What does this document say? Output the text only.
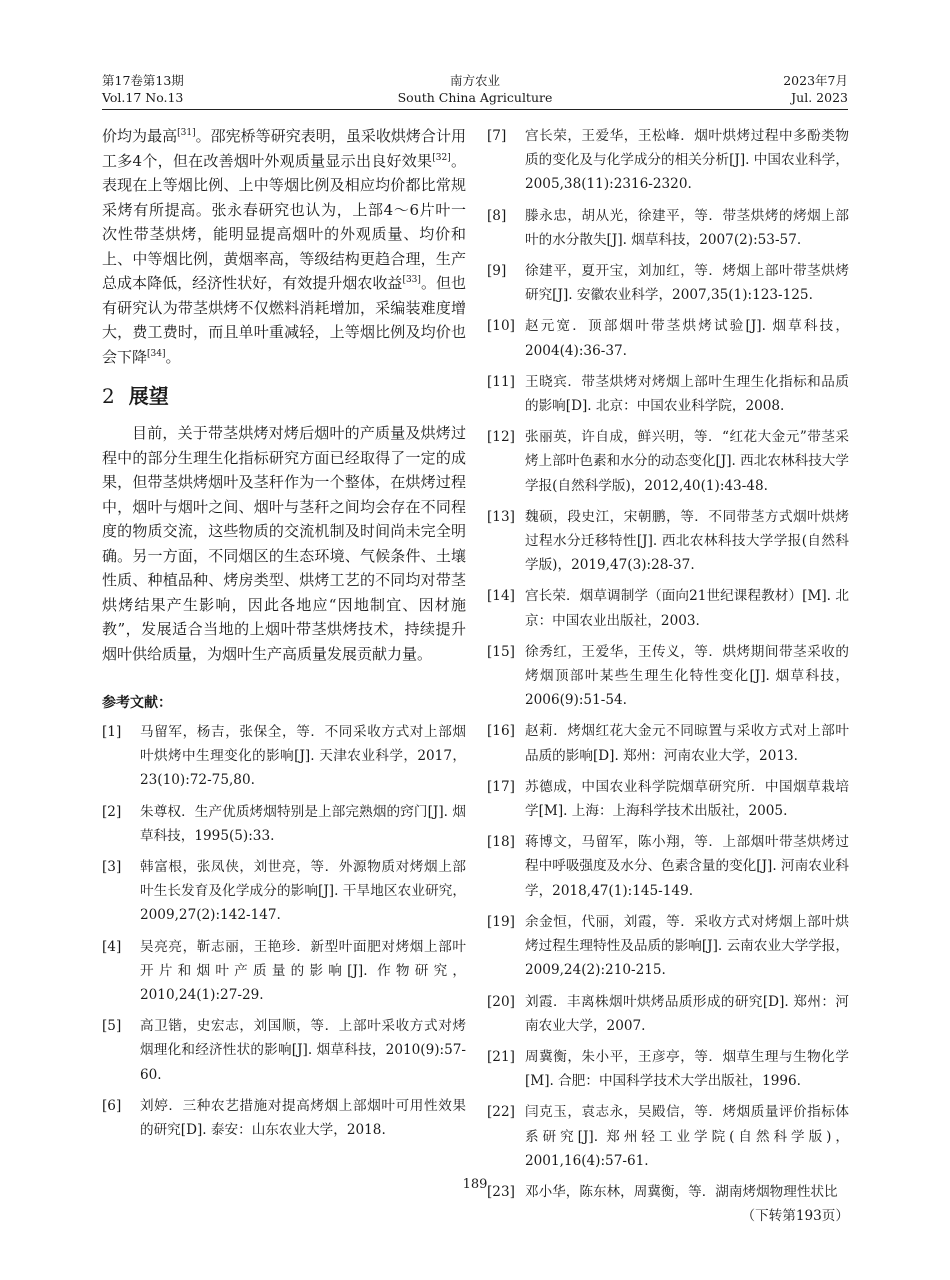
第17卷第13期
Vol.17 No.13
南方农业
South China Agriculture
2023年7月
Jul. 2023

价均为最高[31]。邵宪桥等研究表明，虽采收烘烤合计用工多4个，但在改善烟叶外观质量显示出良好效果[32]。表现在上等烟比例、上中等烟比例及相应均价都比常规采烤有所提高。张永春研究也认为，上部4～6片叶一次性带茎烘烤，能明显提高烟叶的外观质量、均价和上、中等烟比例，黄烟率高，等级结构更趋合理，生产总成本降低，经济性状好，有效提升烟农收益[33]。但也有研究认为带茎烘烤不仅燃料消耗增加，采编装难度增大，费工费时，而且单叶重减轻，上等烟比例及均价也会下降[34]。

2 展望

目前，关于带茎烘烤对烤后烟叶的产质量及烘烤过程中的部分生理生化指标研究方面已经取得了一定的成果，但带茎烘烤烟叶及茎秆作为一个整体，在烘烤过程中，烟叶与烟叶之间、烟叶与茎秆之间均会存在不同程度的物质交流，这些物质的交流机制及时间尚未完全明确。另一方面，不同烟区的生态环境、气候条件、土壤性质、种植品种、烤房类型、烘烤工艺的不同均对带茎烘烤结果产生影响，因此各地应“因地制宜、因材施教”，发展适合当地的上烟叶带茎烘烤技术，持续提升烟叶供给质量，为烟叶生产高质量发展贡献力量。

参考文献：
[1]	马留军，杨吉，张保全，等．不同采收方式对上部烟叶烘烤中生理变化的影响[J]. 天津农业科学，2017，23(10):72-75,80.
[2]	朱尊权．生产优质烤烟特别是上部完熟烟的窍门[J]. 烟草科技，1995(5):33.
[3]	韩富根，张凤侠，刘世亮，等．外源物质对烤烟上部叶生长发育及化学成分的影响[J]. 干旱地区农业研究，2009,27(2):142-147.
[4]	吴亮亮，靳志丽，王艳珍．新型叶面肥对烤烟上部叶开片和烟叶产质量的影响[J]. 作物研究，2010,24(1):27-29.
[5]	高卫锴，史宏志，刘国顺，等．上部叶采收方式对烤烟理化和经济性状的影响[J]. 烟草科技，2010(9):57-60.
[6]	刘婷．三种农艺措施对提高烤烟上部烟叶可用性效果的研究[D]. 泰安：山东农业大学，2018.
[7]	宫长荣，王爱华，王松峰．烟叶烘烤过程中多酚类物质的变化及与化学成分的相关分析[J]. 中国农业科学，2005,38(11):2316-2320.
[8]	滕永忠，胡从光，徐建平，等．带茎烘烤的烤烟上部叶的水分散失[J]. 烟草科技，2007(2):53-57.
[9]	徐建平，夏开宝，刘加红，等．烤烟上部叶带茎烘烤研究[J]. 安徽农业科学，2007,35(1):123-125.
[10] 赵元宽．顶部烟叶带茎烘烤试验[J]. 烟草科技，2004(4):36-37.
[11] 王晓宾．带茎烘烤对烤烟上部叶生理生化指标和品质的影响[D]. 北京：中国农业科学院，2008.
[12] 张丽英，许自成，鲜兴明，等．“红花大金元”带茎采烤上部叶色素和水分的动态变化[J]. 西北农林科技大学学报(自然科学版)，2012,40(1):43-48.
[13] 魏硕，段史江，宋朝鹏，等．不同带茎方式烟叶烘烤过程水分迁移特性[J]. 西北农林科技大学学报(自然科学版)，2019,47(3):28-37.
[14] 宫长荣．烟草调制学（面向21世纪课程教材）[M]. 北京：中国农业出版社，2003.
[15] 徐秀红，王爱华，王传义，等．烘烤期间带茎采收的烤烟顶部叶某些生理生化特性变化[J]. 烟草科技，2006(9):51-54.
[16] 赵莉．烤烟红花大金元不同晾置与采收方式对上部叶品质的影响[D]. 郑州：河南农业大学，2013.
[17] 苏德成，中国农业科学院烟草研究所．中国烟草栽培学[M]. 上海：上海科学技术出版社，2005.
[18] 蒋博文，马留军，陈小翔，等．上部烟叶带茎烘烤过程中呼吸强度及水分、色素含量的变化[J]. 河南农业科学，2018,47(1):145-149.
[19] 余金恒，代丽，刘霞，等．采收方式对烤烟上部叶烘烤过程生理特性及品质的影响[J]. 云南农业大学学报，2009,24(2):210-215.
[20] 刘霞．丰离株烟叶烘烤品质形成的研究[D]. 郑州：河南农业大学，2007.
[21] 周冀衡，朱小平，王彦亭，等．烟草生理与生物化学[M]. 合肥：中国科学技术大学出版社，1996.
[22] 闫克玉，袁志永，吴殿信，等．烤烟质量评价指标体系研究[J]. 郑州轻工业学院(自然科学版)，2001,16(4):57-61.
[23] 邓小华，陈东林，周冀衡，等．湖南烤烟物理性状比
（下转第193页）
189
